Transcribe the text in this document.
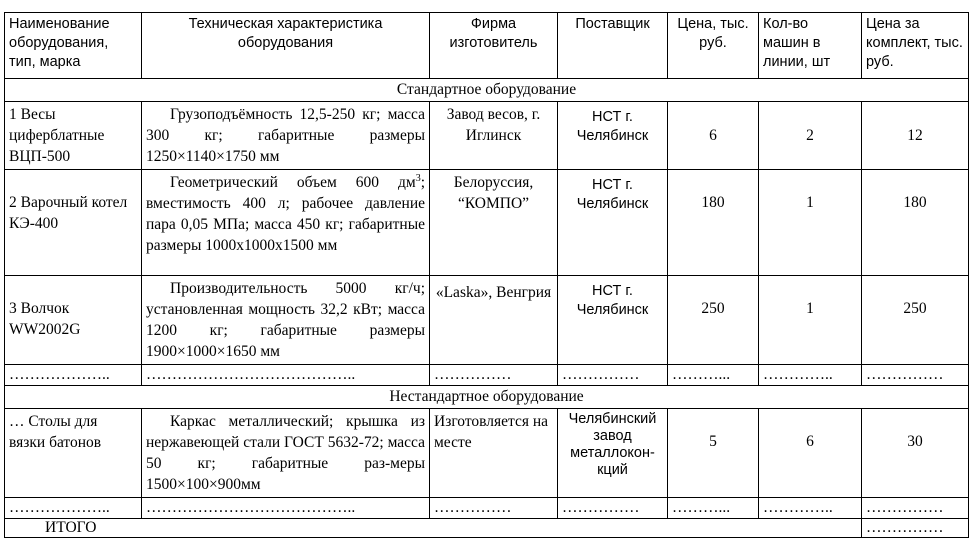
Наименование оборудования, тип, марка	Техническая характеристика оборудования	Фирма изготовитель	Поставщик	Цена, тыс. руб.	Кол-во машин в линии, шт	Цена за комплект, тыс. руб.
Стандартное оборудование						
1 Весы циферблатные ВЦП-500	Грузоподъёмность 12,5-250 кг; масса 300 кг; габаритные размеры 1250×1140×1750 мм	Завод весов, г. Иглинск	НСТ г. Челябинск	6	2	12
2 Варочный котел КЭ-400	Геометрический объем 600 $дм^3$; вместимость 400 л; рабочее давление пара 0,05 МПа; масса 450 кг; габаритные размеры 1000х1000х1500 мм	Белоруссия, “КОМПО”	НСТ г. Челябинск	180	1	180
3 Волчок WW2002G	Производительность 5000 кг/ч; установленная мощность 32,2 кВт; масса 1200 кг; габаритные размеры 1900×1000×1650 мм	«Laska», Венгрия	НСТ г. Челябинск	250	1	250
………………..	…………………………………..	……………	……………	………...	…………..	……………
Нестандартное оборудование						
… Столы для вязки батонов	Каркас металлический; крышка из нержавеющей стали ГОСТ 5632-72; масса 50 кг; габаритные раз-меры 1500×100×900мм	Изготовляется на месте	Челябинский завод металлокон-кций	5	6	30
………………..	…………………………………..	……………	……………	………...	…………..	……………
ИТОГО						……………
